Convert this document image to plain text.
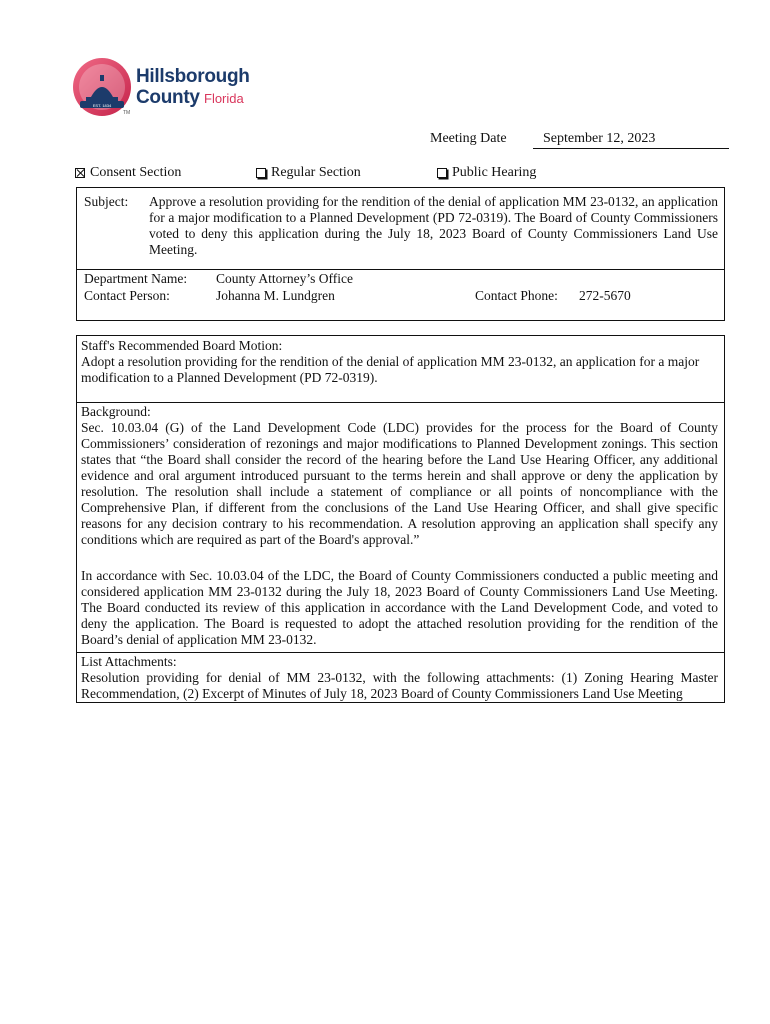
EST. 1834
Hillsborough
County Florida
TM
Meeting Date	September 12, 2023
Consent Section	Regular Section	Public Hearing
Subject: Approve a resolution providing for the rendition of the denial of application MM 23-0132, an application for a major modification to a Planned Development (PD 72-0319). The Board of County Commissioners voted to deny this application during the July 18, 2023 Board of County Commissioners Land Use Meeting.
Department Name: County Attorney’s Office
Contact Person:	Johanna M. Lundgren	Contact Phone: 272-5670
Staff's Recommended Board Motion:
Adopt a resolution providing for the rendition of the denial of application MM 23-0132, an application for a major modification to a Planned Development (PD 72-0319).
Background:
Sec. 10.03.04 (G) of the Land Development Code (LDC) provides for the process for the Board of County Commissioners’ consideration of rezonings and major modifications to Planned Development zonings. This section states that “the Board shall consider the record of the hearing before the Land Use Hearing Officer, any additional evidence and oral argument introduced pursuant to the terms herein and shall approve or deny the application by resolution. The resolution shall include a statement of compliance or all points of noncompliance with the Comprehensive Plan, if different from the conclusions of the Land Use Hearing Officer, and shall give specific reasons for any decision contrary to his recommendation. A resolution approving an application shall specify any conditions which are required as part of the Board's approval.”
In accordance with Sec. 10.03.04 of the LDC, the Board of County Commissioners conducted a public meeting and considered application MM 23-0132 during the July 18, 2023 Board of County Commissioners Land Use Meeting. The Board conducted its review of this application in accordance with the Land Development Code, and voted to deny the application. The Board is requested to adopt the attached resolution providing for the rendition of the Board’s denial of application MM 23-0132.
List Attachments:
Resolution providing for denial of MM 23-0132, with the following attachments: (1) Zoning Hearing Master Recommendation, (2) Excerpt of Minutes of July 18, 2023 Board of County Commissioners Land Use Meeting
